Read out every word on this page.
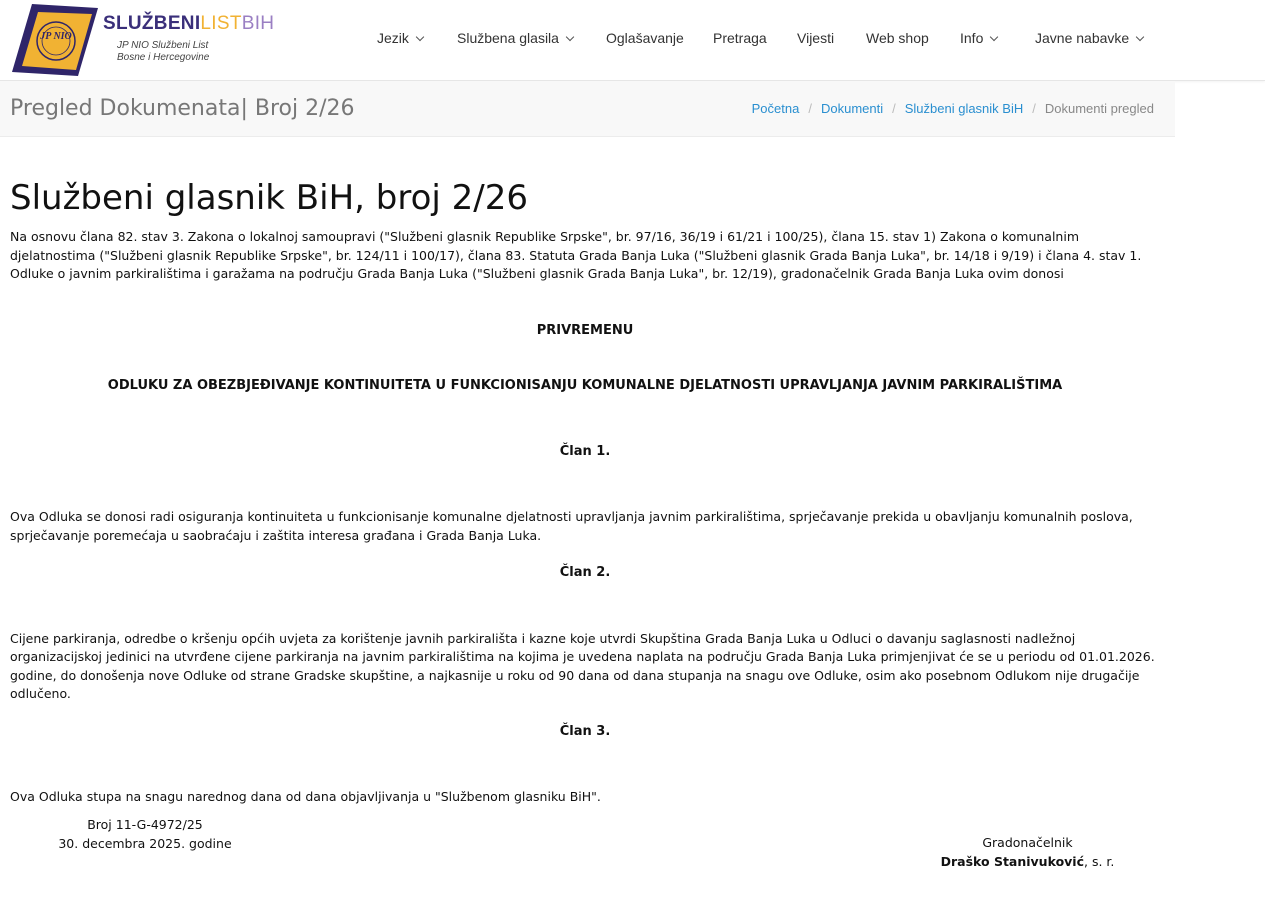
JP NIO
SLUŽBENILISTBIH
JP NIO Službeni List
Bosne i Hercegovine
Jezik	Službena glasila	Oglašavanje Pretraga Vijesti Web shop Info	Javne nabavke
Pregled Dokumenata| Broj 2/26	Početna / Dokumenti / Službeni glasnik BiH / Dokumenti pregled
Službeni glasnik BiH, broj 2/26

Na osnovu člana 82. stav 3. Zakona o lokalnoj samoupravi ("Službeni glasnik Republike Srpske", br. 97/16, 36/19 i 61/21 i 100/25), člana 15. stav 1) Zakona o komunalnim djelatnostima ("Službeni glasnik Republike Srpske", br. 124/11 i 100/17), člana 83. Statuta Grada Banja Luka ("Službeni glasnik Grada Banja Luka", br. 14/18 i 9/19) i člana 4. stav 1. Odluke o javnim parkiralištima i garažama na području Grada Banja Luka ("Službeni glasnik Grada Banja Luka", br. 12/19), gradonačelnik Grada Banja Luka ovim donosi

PRIVREMENU

ODLUKU ZA OBEZBJEĐIVANJE KONTINUITETA U FUNKCIONISANJU KOMUNALNE DJELATNOSTI UPRAVLJANJA JAVNIM PARKIRALIŠTIMA

Član 1.

Ova Odluka se donosi radi osiguranja kontinuiteta u funkcionisanje komunalne djelatnosti upravljanja javnim parkiralištima, sprječavanje prekida u obavljanju komunalnih poslova, sprječavanje poremećaja u saobraćaju i zaštita interesa građana i Grada Banja Luka.

Član 2.

Cijene parkiranja, odredbe o kršenju općih uvjeta za korištenje javnih parkirališta i kazne koje utvrdi Skupština Grada Banja Luka u Odluci o davanju saglasnosti nadležnoj organizacijskoj jedinici na utvrđene cijene parkiranja na javnim parkiralištima na kojima je uvedena naplata na području Grada Banja Luka primjenjivat će se u periodu od 01.01.2026. godine, do donošenja nove Odluke od strane Gradske skupštine, a najkasnije u roku od 90 dana od dana stupanja na snagu ove Odluke, osim ako posebnom Odlukom nije drugačije odlučeno.

Član 3.

Ova Odluka stupa na snagu narednog dana od dana objavljivanja u "Službenom glasniku BiH".

Broj 11-G-4972/25
30. decembra 2025. godine	Gradonačelnik
Draško Stanivuković, s. r.
